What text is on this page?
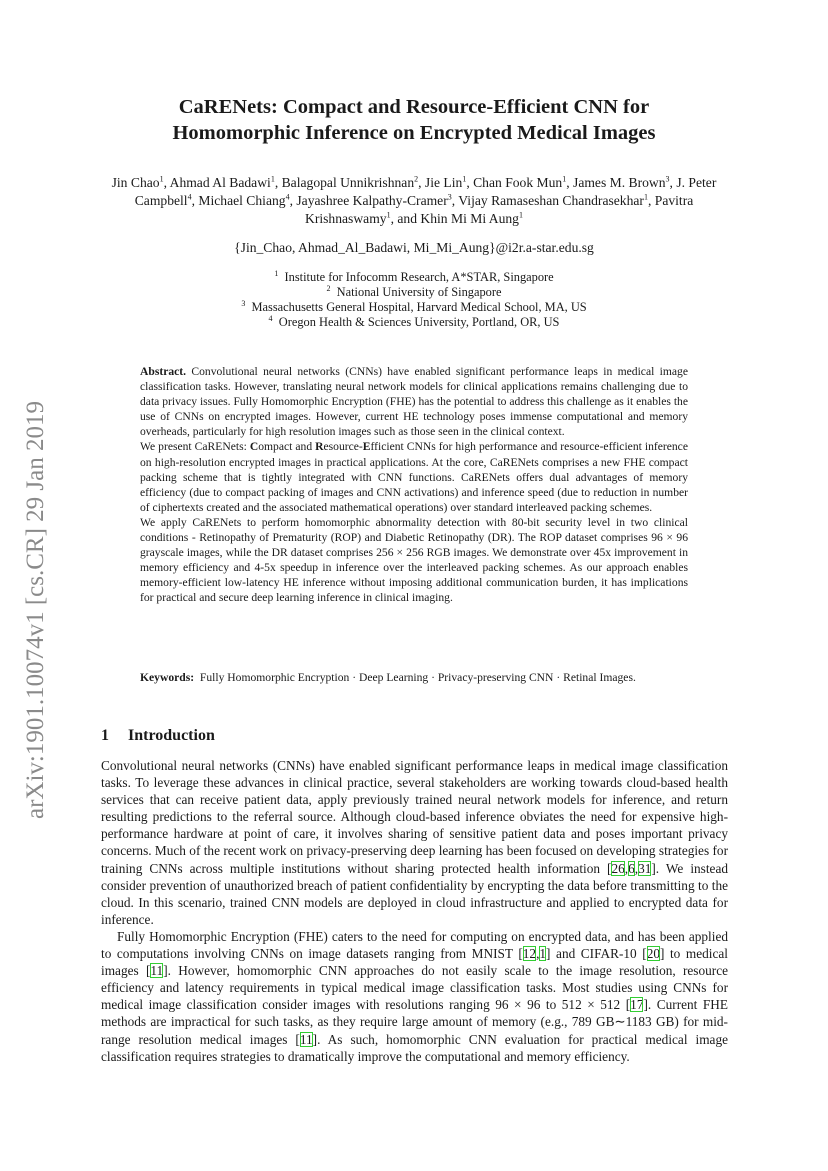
arXiv:1901.10074v1 [cs.CR] 29 Jan 2019
CaRENets: Compact and Resource-Efficient CNN for
Homomorphic Inference on Encrypted Medical Images
Jin Chao$^1$, Ahmad Al Badawi$^1$, Balagopal Unnikrishnan$^2$, Jie Lin$^1$, Chan Fook Mun$^1$, James M. Brown$^3$, J. Peter Campbell$^4$, Michael Chiang$^4$, Jayashree Kalpathy-Cramer$^3$, Vijay Ramaseshan Chandrasekhar$^1$, Pavitra Krishnaswamy$^1$, and Khin Mi Mi Aung$^1$
{Jin_Chao, Ahmad_Al_Badawi, Mi_Mi_Aung}@i2r.a-star.edu.sg
$^1$ Institute for Infocomm Research, A*STAR, Singapore
$^2$ National University of Singapore
$^3$ Massachusetts General Hospital, Harvard Medical School, MA, US
$^4$ Oregon Health & Sciences University, Portland, OR, US

Abstract. Convolutional neural networks (CNNs) have enabled significant performance leaps in medical image classification tasks. However, translating neural network models for clinical applications remains challenging due to data privacy issues. Fully Homomorphic Encryption (FHE) has the potential to address this challenge as it enables the use of CNNs on encrypted images. However, current HE technology poses immense computational and memory overheads, particularly for high resolution images such as those seen in the clinical context.

We present CaRENets: Compact and Resource-Efficient CNNs for high performance and resource-efficient inference on high-resolution encrypted images in practical applications. At the core, CaRENets comprises a new FHE compact packing scheme that is tightly integrated with CNN functions. CaRENets offers dual advantages of memory efficiency (due to compact packing of images and CNN activations) and inference speed (due to reduction in number of ciphertexts created and the associated mathematical operations) over standard interleaved packing schemes.

We apply CaRENets to perform homomorphic abnormality detection with 80-bit security level in two clinical conditions - Retinopathy of Prematurity (ROP) and Diabetic Retinopathy (DR). The ROP dataset comprises 96 × 96 grayscale images, while the DR dataset comprises 256 × 256 RGB images. We demonstrate over 45x improvement in memory efficiency and 4-5x speedup in inference over the interleaved packing schemes. As our approach enables memory-efficient low-latency HE inference without imposing additional communication burden, it has implications for practical and secure deep learning inference in clinical imaging.

Keywords: Fully Homomorphic Encryption · Deep Learning · Privacy-preserving CNN · Retinal Images.
1 Introduction

Convolutional neural networks (CNNs) have enabled significant performance leaps in medical image classification tasks. To leverage these advances in clinical practice, several stakeholders are working towards cloud-based health services that can receive patient data, apply previously trained neural network models for inference, and return resulting predictions to the referral source. Although cloud-based inference obviates the need for expensive high-performance hardware at point of care, it involves sharing of sensitive patient data and poses important privacy concerns. Much of the recent work on privacy-preserving deep learning has been focused on developing strategies for training CNNs across multiple institutions without sharing protected health information [26,6,31]. We instead consider prevention of unauthorized breach of patient confidentiality by encrypting the data before transmitting to the cloud. In this scenario, trained CNN models are deployed in cloud infrastructure and applied to encrypted data for inference.

Fully Homomorphic Encryption (FHE) caters to the need for computing on encrypted data, and has been applied to computations involving CNNs on image datasets ranging from MNIST [12,1] and CIFAR-10 [20] to medical images [11]. However, homomorphic CNN approaches do not easily scale to the image resolution, resource efficiency and latency requirements in typical medical image classification tasks. Most studies using CNNs for medical image classification consider images with resolutions ranging 96 × 96 to 512 × 512 [17]. Current FHE methods are impractical for such tasks, as they require large amount of memory (e.g., 789 GB∼1183 GB) for mid-range resolution medical images [11]. As such, homomorphic CNN evaluation for practical medical image classification requires strategies to dramatically improve the computational and memory efficiency.
